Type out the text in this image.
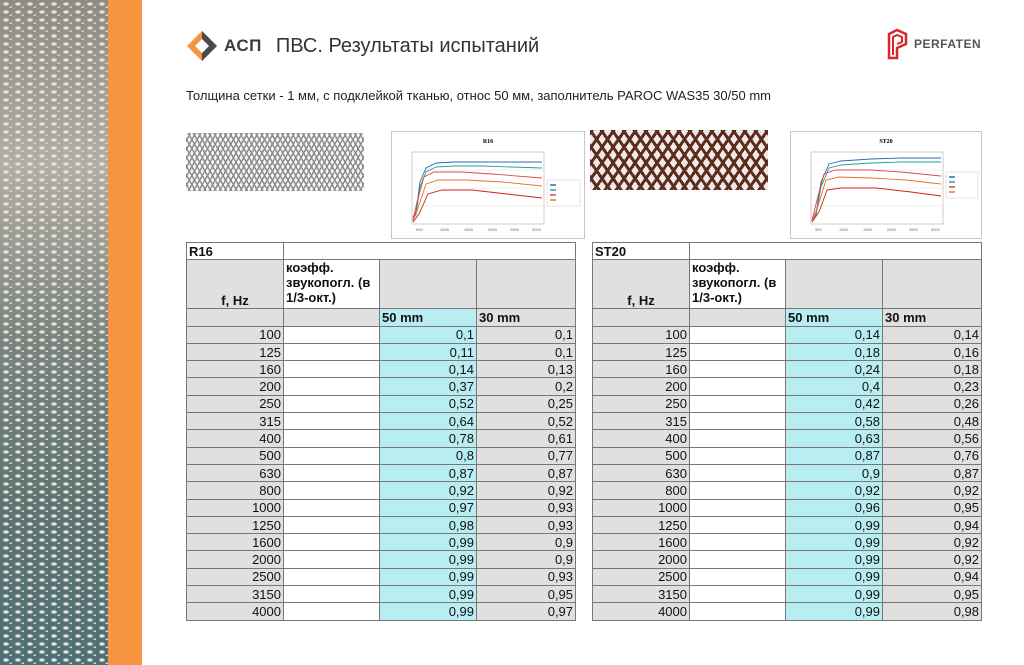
АСП ПВС. Результаты испытаний	PERFATEN
Толщина сетки - 1 мм, с подклейкой тканью, относ 50 мм, заполнитель PAROC WAS35 30/50 mm
R16
500	1000	1500	2000	2500	3000
ST20
500	1000	1500	2000	2500	3000
R16			
f, Hz	коэфф. звукопогл. (в 1/3-окт.)		
		50 mm	30 mm
100		0,1	0,1
125		0,11	0,1
160		0,14	0,13
200		0,37	0,2
250		0,52	0,25
315		0,64	0,52
400		0,78	0,61
500		0,8	0,77
630		0,87	0,87
800		0,92	0,92
1000		0,97	0,93
1250		0,98	0,93
1600		0,99	0,9
2000		0,99	0,9
2500		0,99	0,93
3150		0,99	0,95
4000		0,99	0,97
ST20			
f, Hz	коэфф. звукопогл. (в 1/3-окт.)		
		50 mm	30 mm
100		0,14	0,14
125		0,18	0,16
160		0,24	0,18
200		0,4	0,23
250		0,42	0,26
315		0,58	0,48
400		0,63	0,56
500		0,87	0,76
630		0,9	0,87
800		0,92	0,92
1000		0,96	0,95
1250		0,99	0,94
1600		0,99	0,92
2000		0,99	0,92
2500		0,99	0,94
3150		0,99	0,95
4000		0,99	0,98
